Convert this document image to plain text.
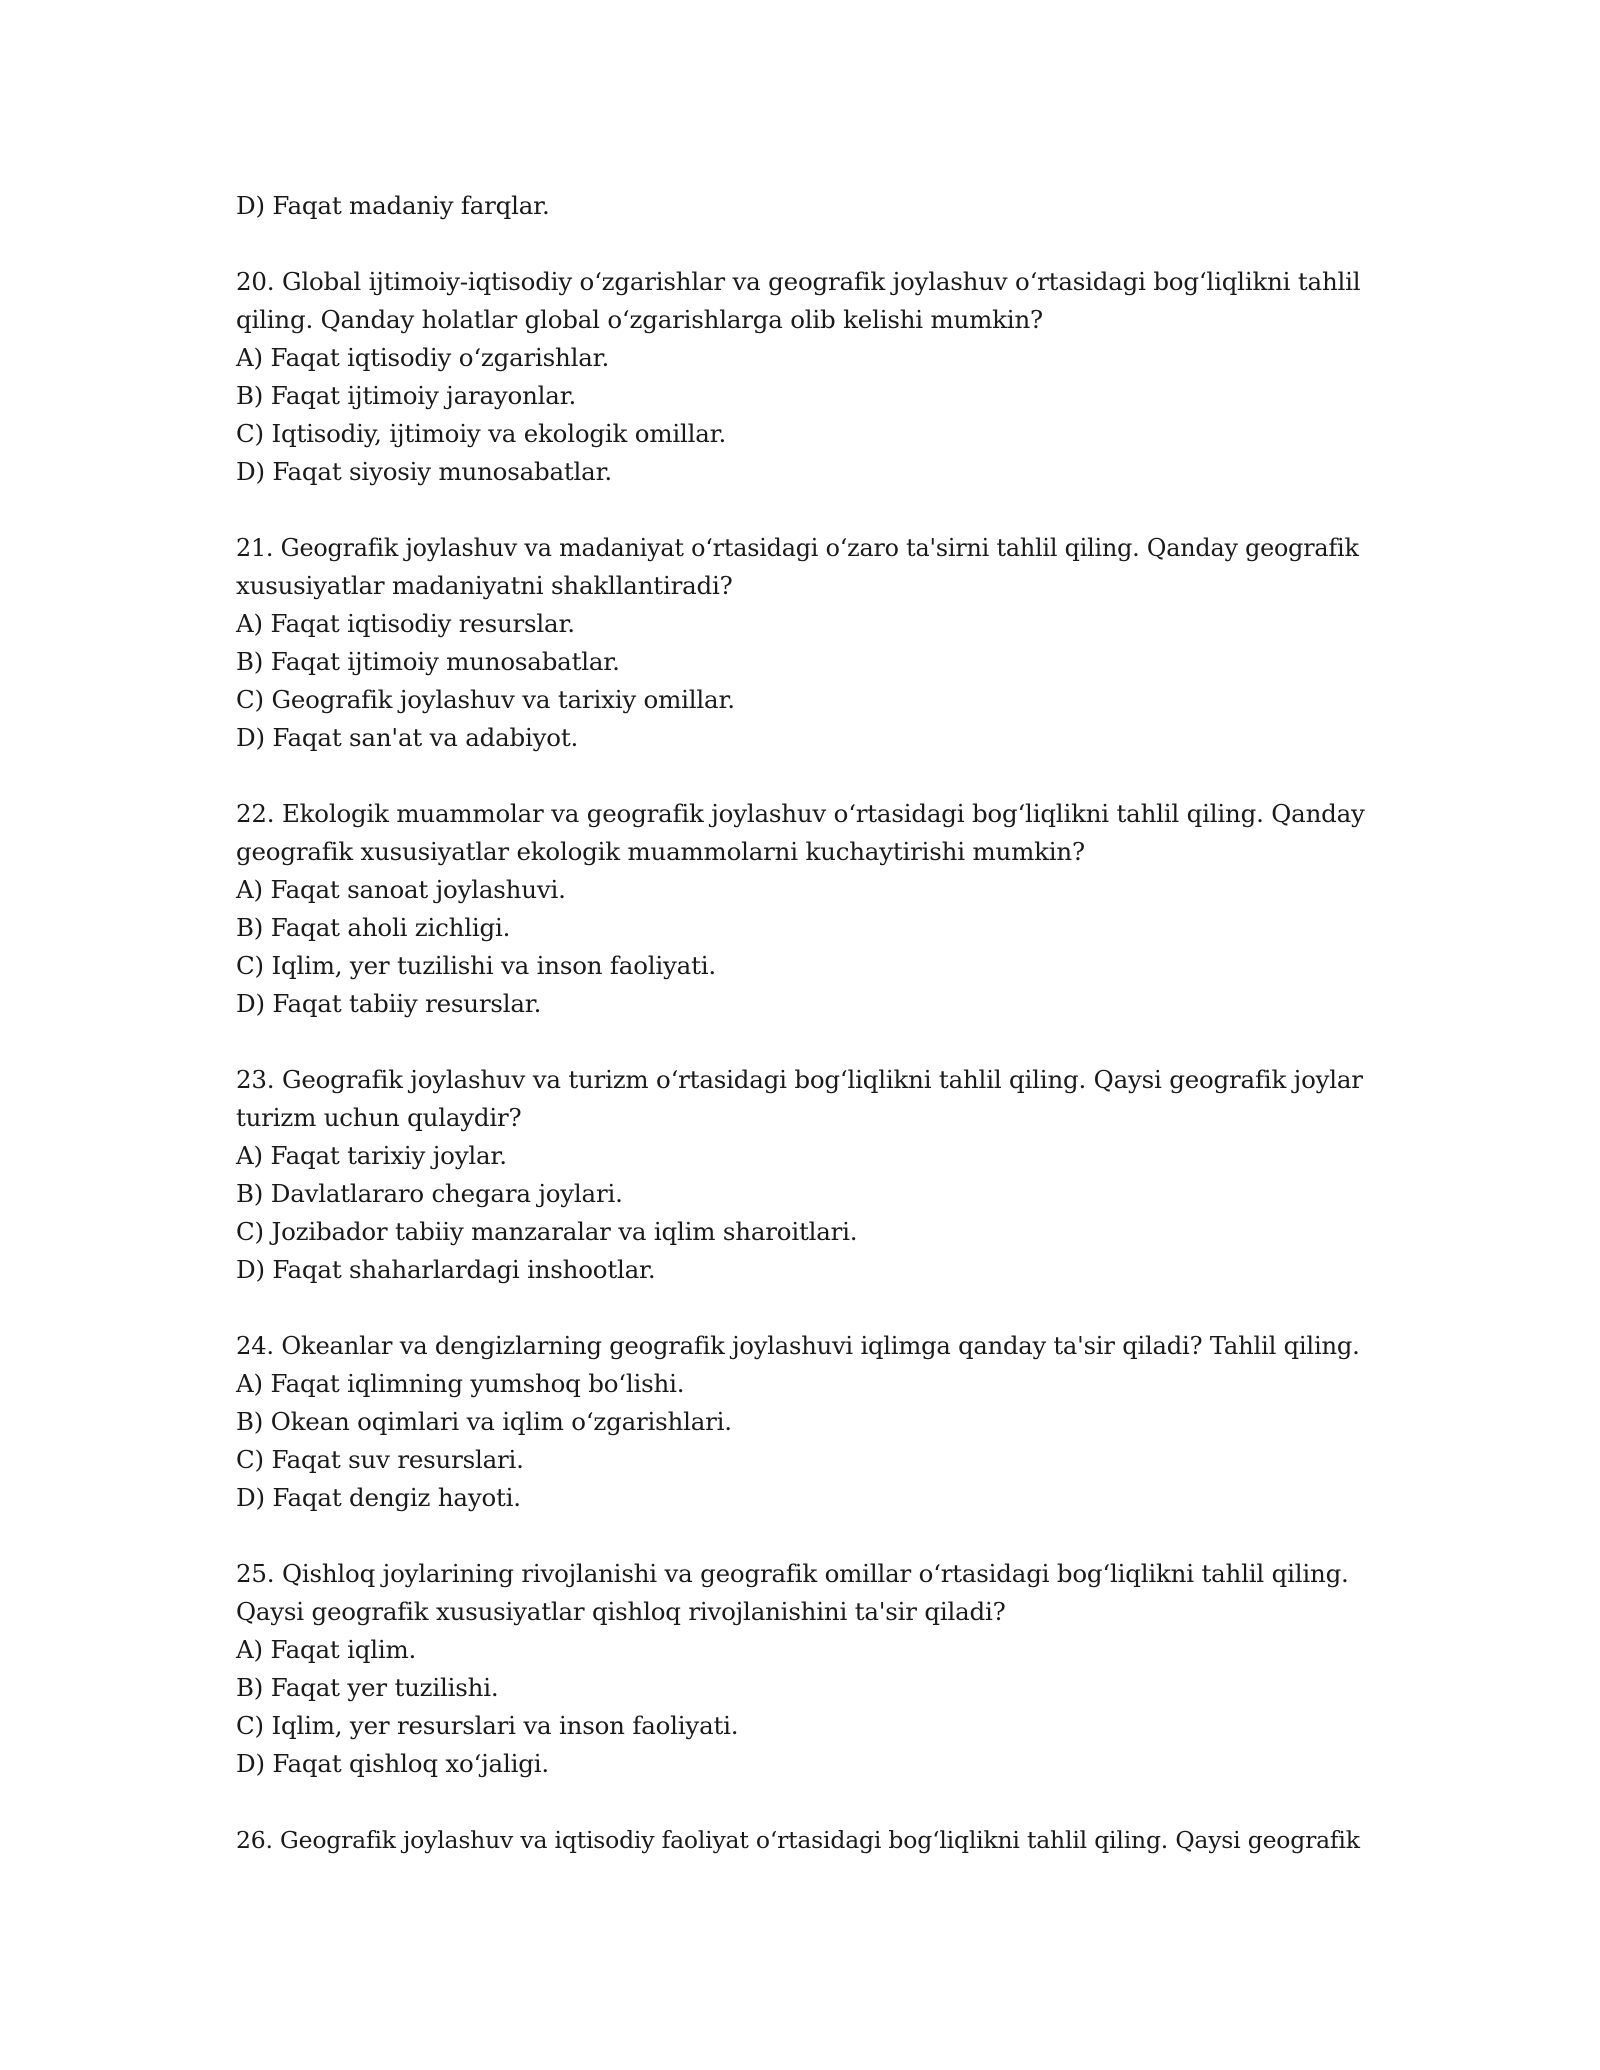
D) Faqat madaniy farqlar.
20. Global ijtimoiy-iqtisodiy oʻzgarishlar va geografik joylashuv oʻrtasidagi bogʻliqlikni tahlil
qiling. Qanday holatlar global oʻzgarishlarga olib kelishi mumkin?
A) Faqat iqtisodiy oʻzgarishlar.
B) Faqat ijtimoiy jarayonlar.
C) Iqtisodiy, ijtimoiy va ekologik omillar.
D) Faqat siyosiy munosabatlar.
21. Geografik joylashuv va madaniyat oʻrtasidagi oʻzaro ta'sirni tahlil qiling. Qanday geografik
xususiyatlar madaniyatni shakllantiradi?
A) Faqat iqtisodiy resurslar.
B) Faqat ijtimoiy munosabatlar.
C) Geografik joylashuv va tarixiy omillar.
D) Faqat san'at va adabiyot.
22. Ekologik muammolar va geografik joylashuv oʻrtasidagi bogʻliqlikni tahlil qiling. Qanday
geografik xususiyatlar ekologik muammolarni kuchaytirishi mumkin?
A) Faqat sanoat joylashuvi.
B) Faqat aholi zichligi.
C) Iqlim, yer tuzilishi va inson faoliyati.
D) Faqat tabiiy resurslar.
23. Geografik joylashuv va turizm oʻrtasidagi bogʻliqlikni tahlil qiling. Qaysi geografik joylar
turizm uchun qulaydir?
A) Faqat tarixiy joylar.
B) Davlatlararo chegara joylari.
C) Jozibador tabiiy manzaralar va iqlim sharoitlari.
D) Faqat shaharlardagi inshootlar.
24. Okeanlar va dengizlarning geografik joylashuvi iqlimga qanday ta'sir qiladi? Tahlil qiling.
A) Faqat iqlimning yumshoq boʻlishi.
B) Okean oqimlari va iqlim oʻzgarishlari.
C) Faqat suv resurslari.
D) Faqat dengiz hayoti.
25. Qishloq joylarining rivojlanishi va geografik omillar oʻrtasidagi bogʻliqlikni tahlil qiling.
Qaysi geografik xususiyatlar qishloq rivojlanishini ta'sir qiladi?
A) Faqat iqlim.
B) Faqat yer tuzilishi.
C) Iqlim, yer resurslari va inson faoliyati.
D) Faqat qishloq xoʻjaligi.
26. Geografik joylashuv va iqtisodiy faoliyat oʻrtasidagi bogʻliqlikni tahlil qiling. Qaysi geografik
